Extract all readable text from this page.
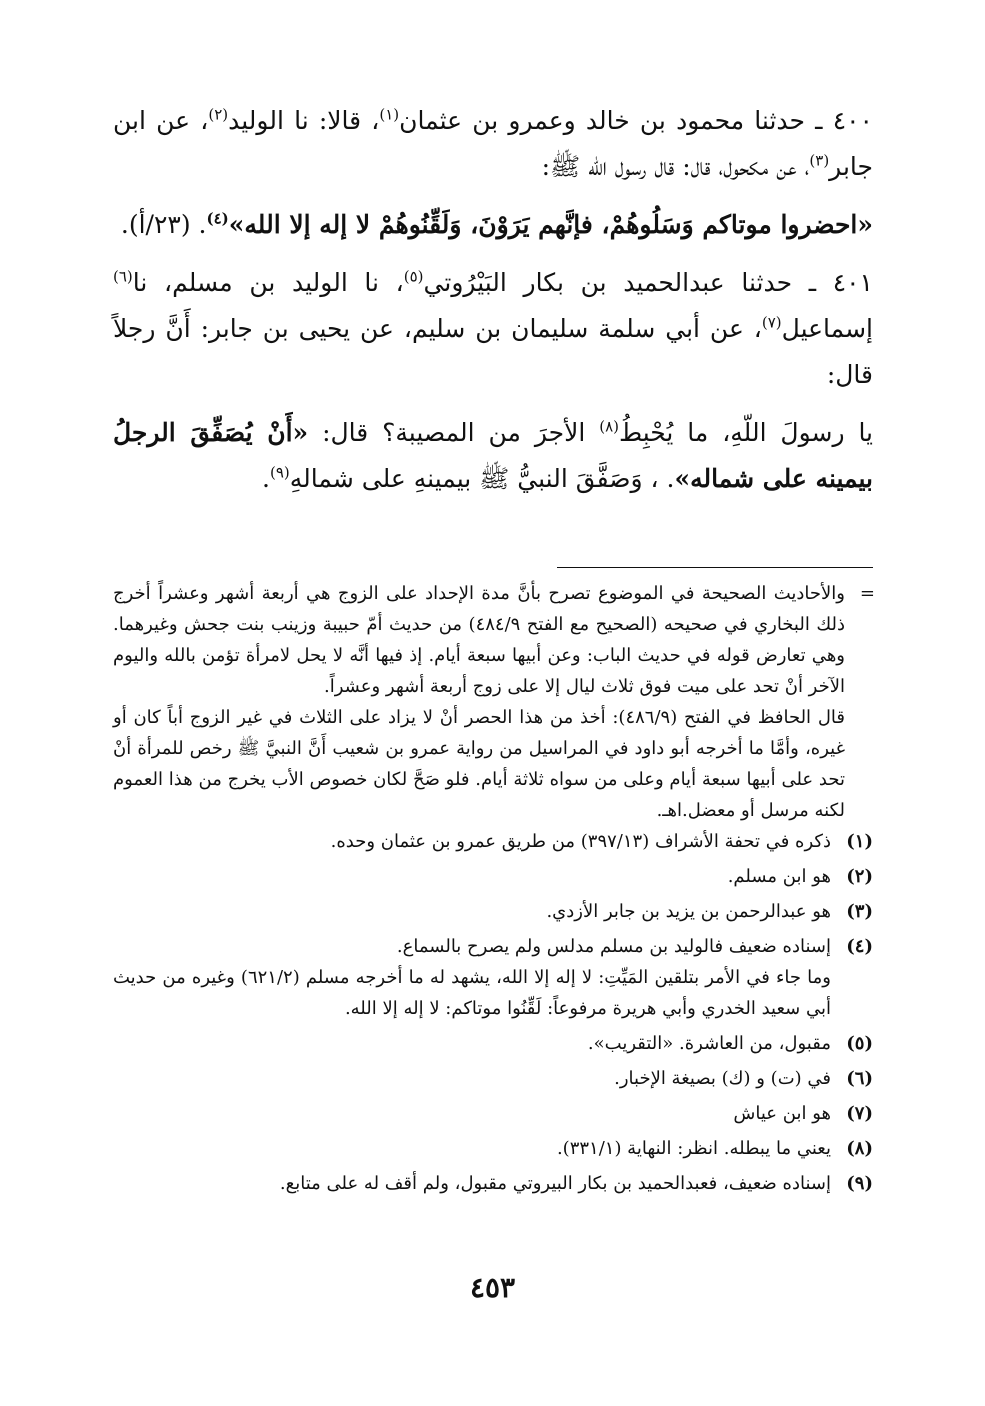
٤٠٠ ـ حدثنا محمود بن خالد وعمرو بن عثمان$^{(١)}$، قالا: نا الوليد$^{(٢)}$، عن ابن جابر$^{(٣)}$، عن مكحول، قال: قال رسول الله ﷺ:

«احضروا موتاكم وَسَلُوهُمْ، فإنَّهم يَرَوْنَ، وَلَقِّنُوهُمْ لا إله إلا الله»$^{(٤)}$. (٢٣/أ).

٤٠١ ـ حدثنا عبدالحميد بن بكار البَيْرُوتي$^{(٥)}$، نا الوليد بن مسلم، نا$^{(٦)}$ إسماعيل$^{(٧)}$، عن أبي سلمة سليمان بن سليم، عن يحيى بن جابر: أَنَّ رجلاً قال:

يا رسولَ اللّهِ، ما يُحْبِطُ$^{(٨)}$ الأجرَ من المصيبة؟ قال: «أَنْ يُصَفِّقَ الرجلُ بيمينه على شماله». ، وَصَفَّقَ النبيُّ ﷺ بيمينهِ على شمالهِ$^{(٩)}$.

=

والأحاديث الصحيحة في الموضوع تصرح بأنَّ مدة الإحداد على الزوج هي أربعة أشهر وعشراً أخرج ذلك البخاري في صحيحه (الصحيح مع الفتح ٤٨٤/٩) من حديث أمّ حبيبة وزينب بنت جحش وغيرهما. وهي تعارض قوله في حديث الباب: وعن أبيها سبعة أيام. إذ فيها أنَّه لا يحل لامرأة تؤمن بالله واليوم الآخر أنْ تحد على ميت فوق ثلاث ليال إلا على زوج أربعة أشهر وعشراً.

قال الحافظ في الفتح (٤٨٦/٩): أخذ من هذا الحصر أنْ لا يزاد على الثلاث في غير الزوج أباً كان أو غيره، وأمَّا ما أخرجه أبو داود في المراسيل من رواية عمرو بن شعيب أَنَّ النبيَّ ﷺ رخص للمرأة أنْ تحد على أبيها سبعة أيام وعلى من سواه ثلاثة أيام. فلو صَحَّ لكان خصوص الأب يخرج من هذا العموم لكنه مرسل أو معضل.اهـ.

(١)
ذكره في تحفة الأشراف (٣٩٧/١٣) من طريق عمرو بن عثمان وحده.
(٢)
هو ابن مسلم.
(٣)
هو عبدالرحمن بن يزيد بن جابر الأزدي.
(٤)
إسناده ضعيف فالوليد بن مسلم مدلس ولم يصرح بالسماع.
وما جاء في الأمر بتلقين المَيِّتِ: لا إله إلا الله، يشهد له ما أخرجه مسلم (٦٢١/٢) وغيره من حديث أبي سعيد الخدري وأبي هريرة مرفوعاً: لَقِّنُوا موتاكم: لا إله إلا الله.
(٥)
مقبول، من العاشرة. «التقريب».
(٦)
في (ت) و (ك) بصيغة الإخبار.
(٧)
هو ابن عياش
(٨)
يعني ما يبطله. انظر: النهاية (٣٣١/١).
(٩)
إسناده ضعيف، فعبدالحميد بن بكار البيروتي مقبول، ولم أقف له على متابع.
٤٥٣
